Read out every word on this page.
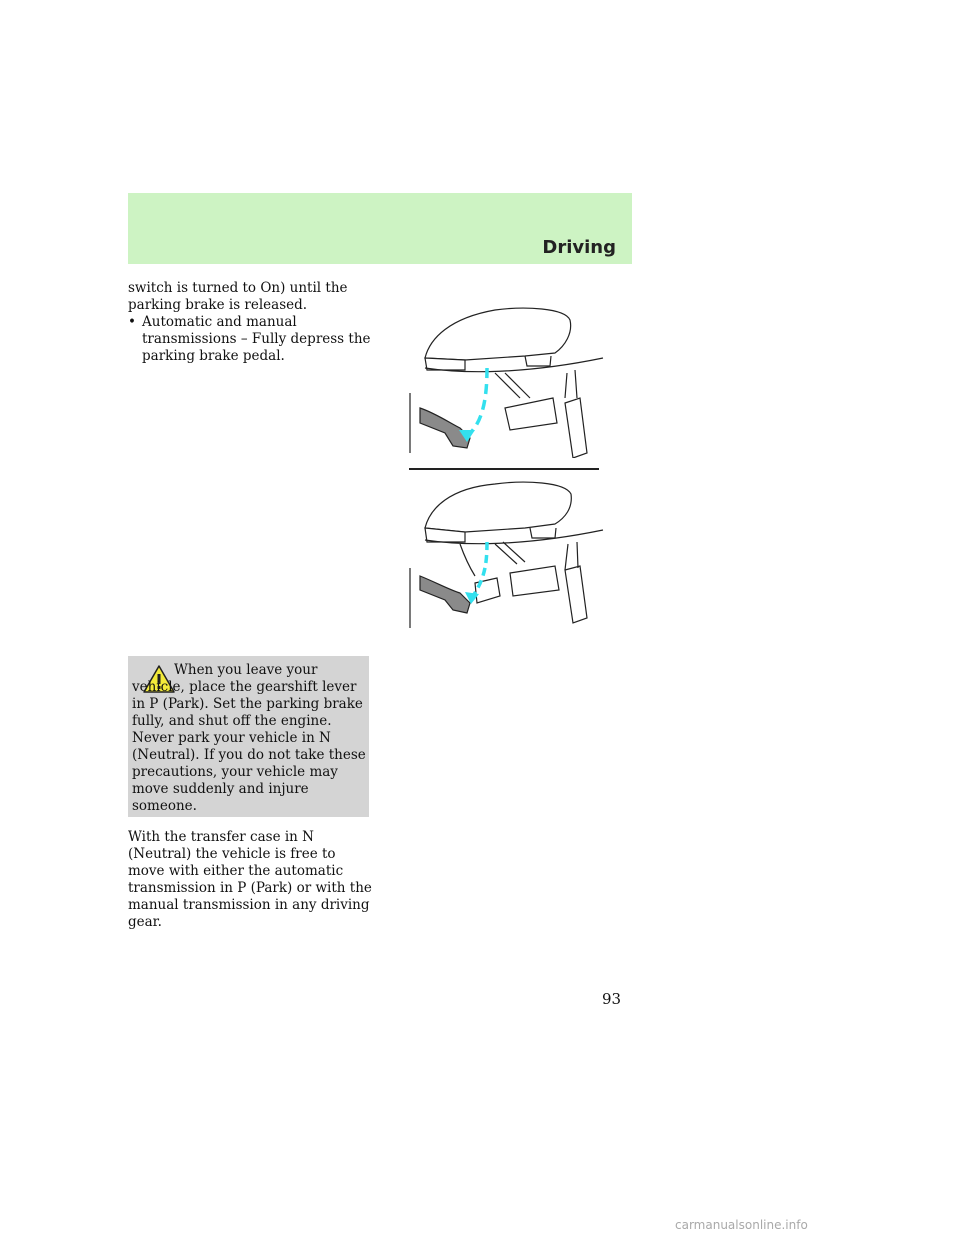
Driving

switch is turned to On) until the parking brake is released.

• Automatic and manual transmissions – Fully depress the parking brake pedal.

When you leave your vehicle, place the gearshift lever in P (Park). Set the parking brake fully, and shut off the engine. Never park your vehicle in N (Neutral). If you do not take these precautions, your vehicle may move suddenly and injure someone.

With the transfer case in N (Neutral) the vehicle is free to move with either the automatic transmission in P (Park) or with the manual transmission in any driving gear.

93
carmanualsonline.info
